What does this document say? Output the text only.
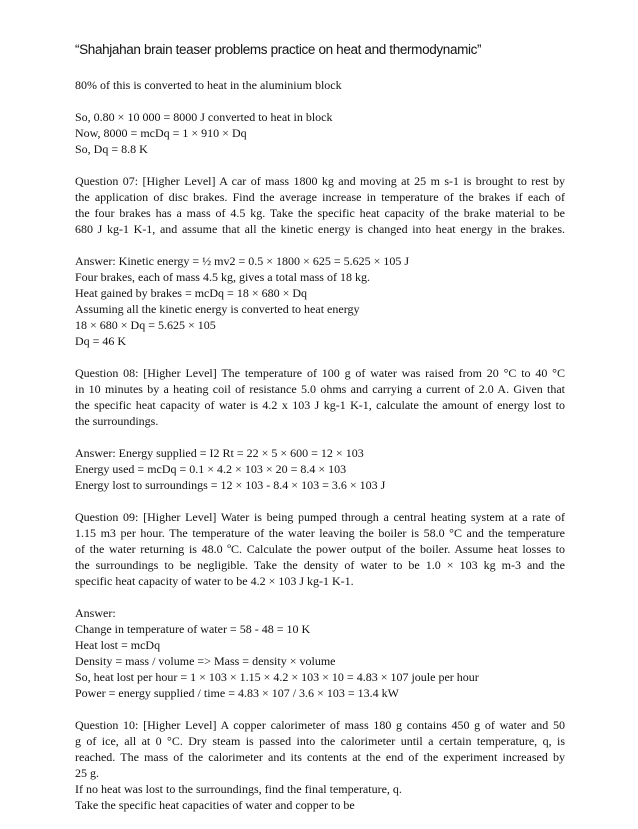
“Shahjahan brain teaser problems practice on heat and thermodynamic”
80% of this is converted to heat in the aluminium block
So, 0.80 × 10 000 = 8000 J converted to heat in block
Now, 8000 = mcDq = 1 × 910 × Dq
So, Dq = 8.8 K
Question 07: [Higher Level] A car of mass 1800 kg and moving at 25 m s-1 is brought to rest by
the application of disc brakes. Find the average increase in temperature of the brakes if each of
the four brakes has a mass of 4.5 kg. Take the specific heat capacity of the brake material to be
680 J kg-1 K-1, and assume that all the kinetic energy is changed into heat energy in the brakes.
Answer: Kinetic energy = ½ mv2 = 0.5 × 1800 × 625 = 5.625 × 105 J
Four brakes, each of mass 4.5 kg, gives a total mass of 18 kg.
Heat gained by brakes = mcDq = 18 × 680 × Dq
Assuming all the kinetic energy is converted to heat energy
18 × 680 × Dq = 5.625 × 105
Dq = 46 K
Question 08: [Higher Level] The temperature of 100 g of water was raised from 20 °C to 40 °C
in 10 minutes by a heating coil of resistance 5.0 ohms and carrying a current of 2.0 A. Given that
the specific heat capacity of water is 4.2 x 103 J kg-1 K-1, calculate the amount of energy lost to
the surroundings.
Answer: Energy supplied = I2 Rt = 22 × 5 × 600 = 12 × 103
Energy used = mcDq = 0.1 × 4.2 × 103 × 20 = 8.4 × 103
Energy lost to surroundings = 12 × 103 - 8.4 × 103 = 3.6 × 103 J
Question 09: [Higher Level] Water is being pumped through a central heating system at a rate of
1.15 m3 per hour. The temperature of the water leaving the boiler is 58.0 °C and the temperature
of the water returning is 48.0 ºC. Calculate the power output of the boiler. Assume heat losses to
the surroundings to be negligible. Take the density of water to be 1.0 × 103 kg m-3 and the
specific heat capacity of water to be 4.2 × 103 J kg-1 K-1.
Answer:
Change in temperature of water = 58 - 48 = 10 K
Heat lost = mcDq
Density = mass / volume => Mass = density × volume
So, heat lost per hour = 1 × 103 × 1.15 × 4.2 × 103 × 10 = 4.83 × 107 joule per hour
Power = energy supplied / time = 4.83 × 107 / 3.6 × 103 = 13.4 kW
Question 10: [Higher Level] A copper calorimeter of mass 180 g contains 450 g of water and 50
g of ice, all at 0 °C. Dry steam is passed into the calorimeter until a certain temperature, q, is
reached. The mass of the calorimeter and its contents at the end of the experiment increased by
25 g.
If no heat was lost to the surroundings, find the final temperature, q.
Take the specific heat capacities of water and copper to be
